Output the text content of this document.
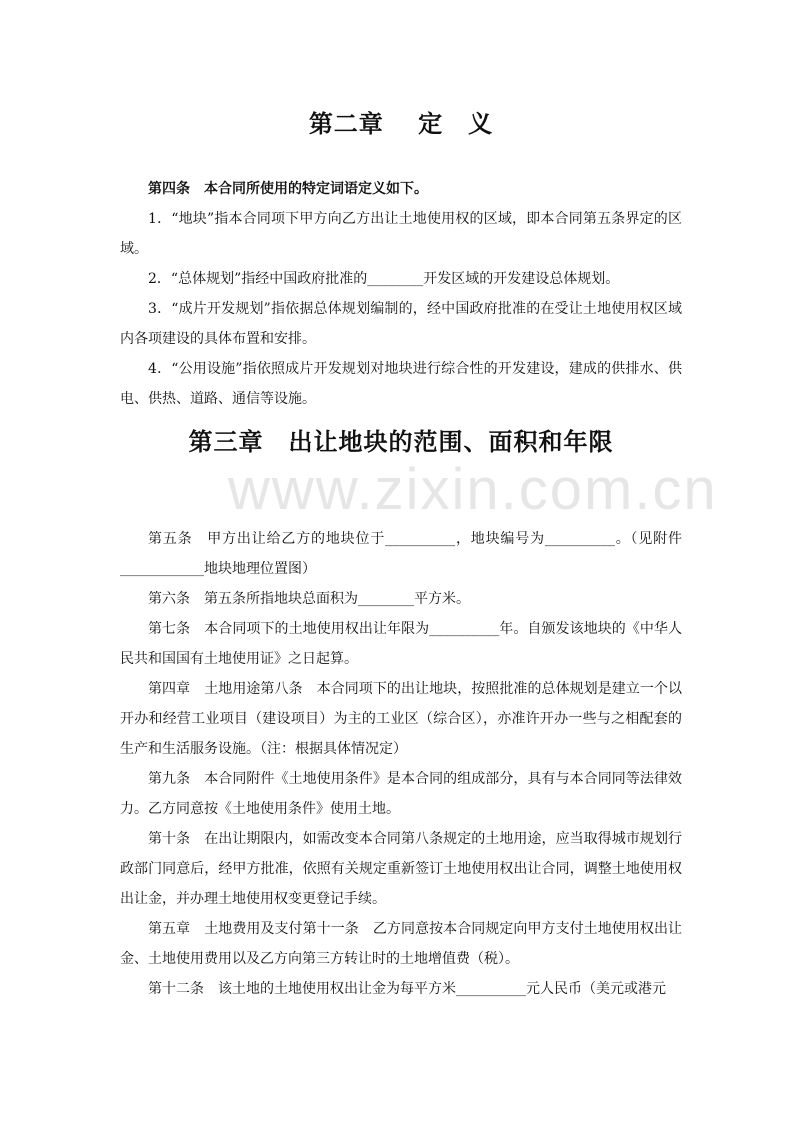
第二章　 定　义

第四条　本合同所使用的特定词语定义如下。

1．“地块”指本合同项下甲方向乙方出让土地使用权的区域，即本合同第五条界定的区域。

2．“总体规划”指经中国政府批准的________开发区域的开发建设总体规划。

3．“成片开发规划”指依据总体规划编制的，经中国政府批准的在受让土地使用权区域内各项建设的具体布置和安排。

4．“公用设施”指依照成片开发规划对地块进行综合性的开发建设，建成的供排水、供电、供热、道路、通信等设施。

第三章　出让地块的范围、面积和年限
www.zixin.com.cn

第五条　甲方出让给乙方的地块位于__________，地块编号为__________。（见附件____________地块地理位置图）

第六条　第五条所指地块总面积为________平方米。

第七条　本合同项下的土地使用权出让年限为__________年。自颁发该地块的《中华人民共和国国有土地使用证》之日起算。

第四章　土地用途第八条　本合同项下的出让地块，按照批准的总体规划是建立一个以开办和经营工业项目（建设项目）为主的工业区（综合区），亦准许开办一些与之相配套的生产和生活服务设施。（注：根据具体情况定）

第九条　本合同附件《土地使用条件》是本合同的组成部分，具有与本合同同等法律效力。乙方同意按《土地使用条件》使用土地。

第十条　在出让期限内，如需改变本合同第八条规定的土地用途，应当取得城市规划行政部门同意后，经甲方批准，依照有关规定重新签订土地使用权出让合同，调整土地使用权出让金，并办理土地使用权变更登记手续。

第五章　土地费用及支付第十一条　乙方同意按本合同规定向甲方支付土地使用权出让金、土地使用费用以及乙方向第三方转让时的土地增值费（税）。

第十二条　该土地的土地使用权出让金为每平方米__________元人民币（美元或港元
